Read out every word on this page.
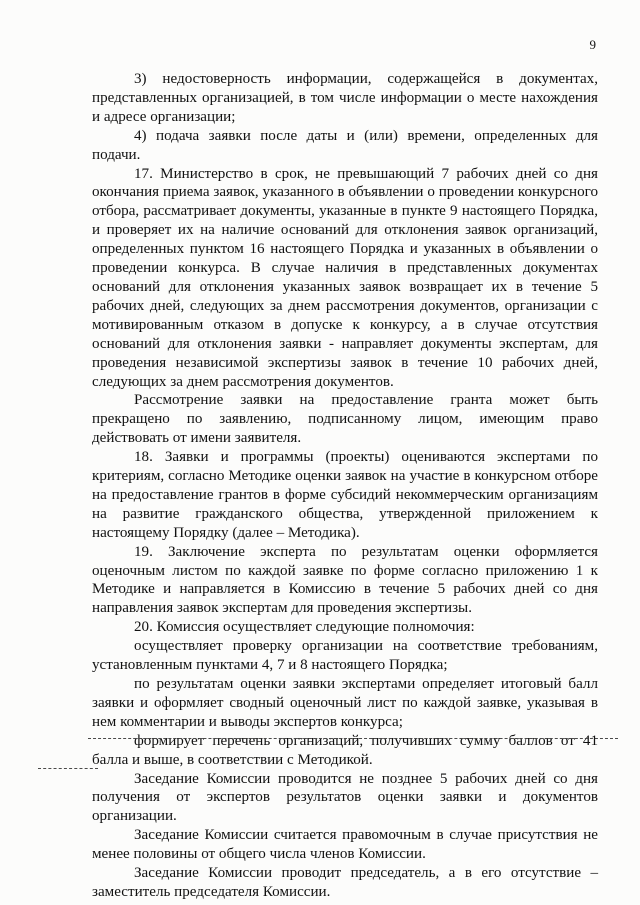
9

3) недостоверность информации, содержащейся в документах, представленных организацией, в том числе информации о месте нахождения и адресе организации;

4) подача заявки после даты и (или) времени, определенных для подачи.

17. Министерство в срок, не превышающий 7 рабочих дней со дня окончания приема заявок, указанного в объявлении о проведении конкурсного отбора, рассматривает документы, указанные в пункте 9 настоящего Порядка, и проверяет их на наличие оснований для отклонения заявок организаций, определенных пунктом 16 настоящего Порядка и указанных в объявлении о проведении конкурса. В случае наличия в представленных документах оснований для отклонения указанных заявок возвращает их в течение 5 рабочих дней, следующих за днем рассмотрения документов, организации с мотивированным отказом в допуске к конкурсу, а в случае отсутствия оснований для отклонения заявки - направляет документы экспертам, для проведения независимой экспертизы заявок в течение 10 рабочих дней, следующих за днем рассмотрения документов.

Рассмотрение заявки на предоставление гранта может быть прекращено по заявлению, подписанному лицом, имеющим право действовать от имени заявителя.

18. Заявки и программы (проекты) оцениваются экспертами по критериям, согласно Методике оценки заявок на участие в конкурсном отборе на предоставление грантов в форме субсидий некоммерческим организациям на развитие гражданского общества, утвержденной приложением к настоящему Порядку (далее – Методика).

19. Заключение эксперта по результатам оценки оформляется оценочным листом по каждой заявке по форме согласно приложению 1 к Методике и направляется в Комиссию в течение 5 рабочих дней со дня направления заявок экспертам для проведения экспертизы.

20. Комиссия осуществляет следующие полномочия:

осуществляет проверку организации на соответствие требованиям, установленным пунктами 4, 7 и 8 настоящего Порядка;

по результатам оценки заявки экспертами определяет итоговый балл заявки и оформляет сводный оценочный лист по каждой заявке, указывая в нем комментарии и выводы экспертов конкурса;

формирует перечень организаций, получивших сумму баллов от 41 балла и выше, в соответствии с Методикой.

Заседание Комиссии проводится не позднее 5 рабочих дней со дня получения от экспертов результатов оценки заявки и документов организации.

Заседание Комиссии считается правомочным в случае присутствия не менее половины от общего числа членов Комиссии.

Заседание Комиссии проводит председатель, а в его отсутствие – заместитель председателя Комиссии.
